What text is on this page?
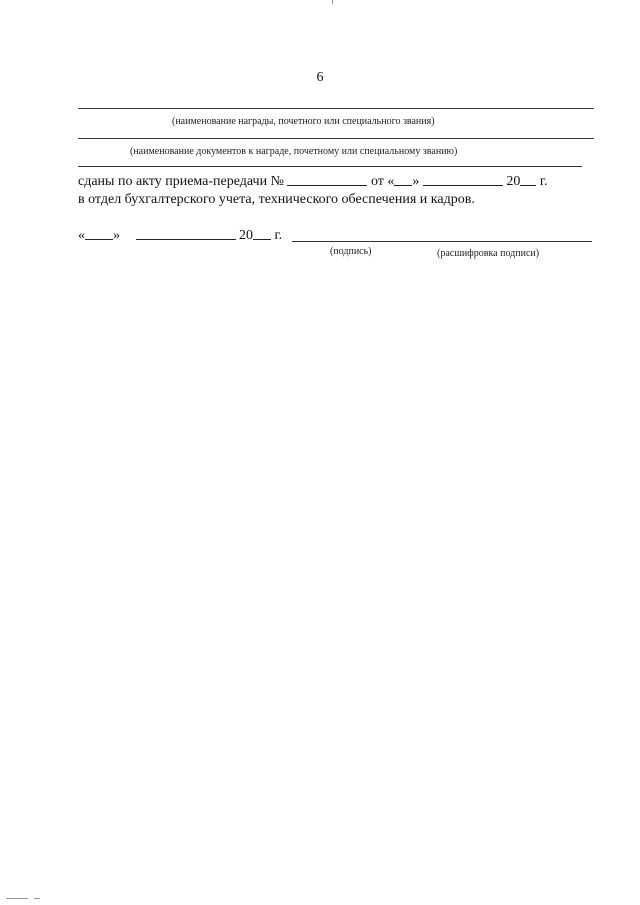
6
(наименование награды, почетного или специального звания)
(наименование документов к награде, почетному или специальному званию)
сданы по акту приема-передачи №	от « »	20 г.
в отдел бухгалтерского учета, технического обеспечения и кадров.
« »	20 г.
(подпись)	(расшифровка подписи)
